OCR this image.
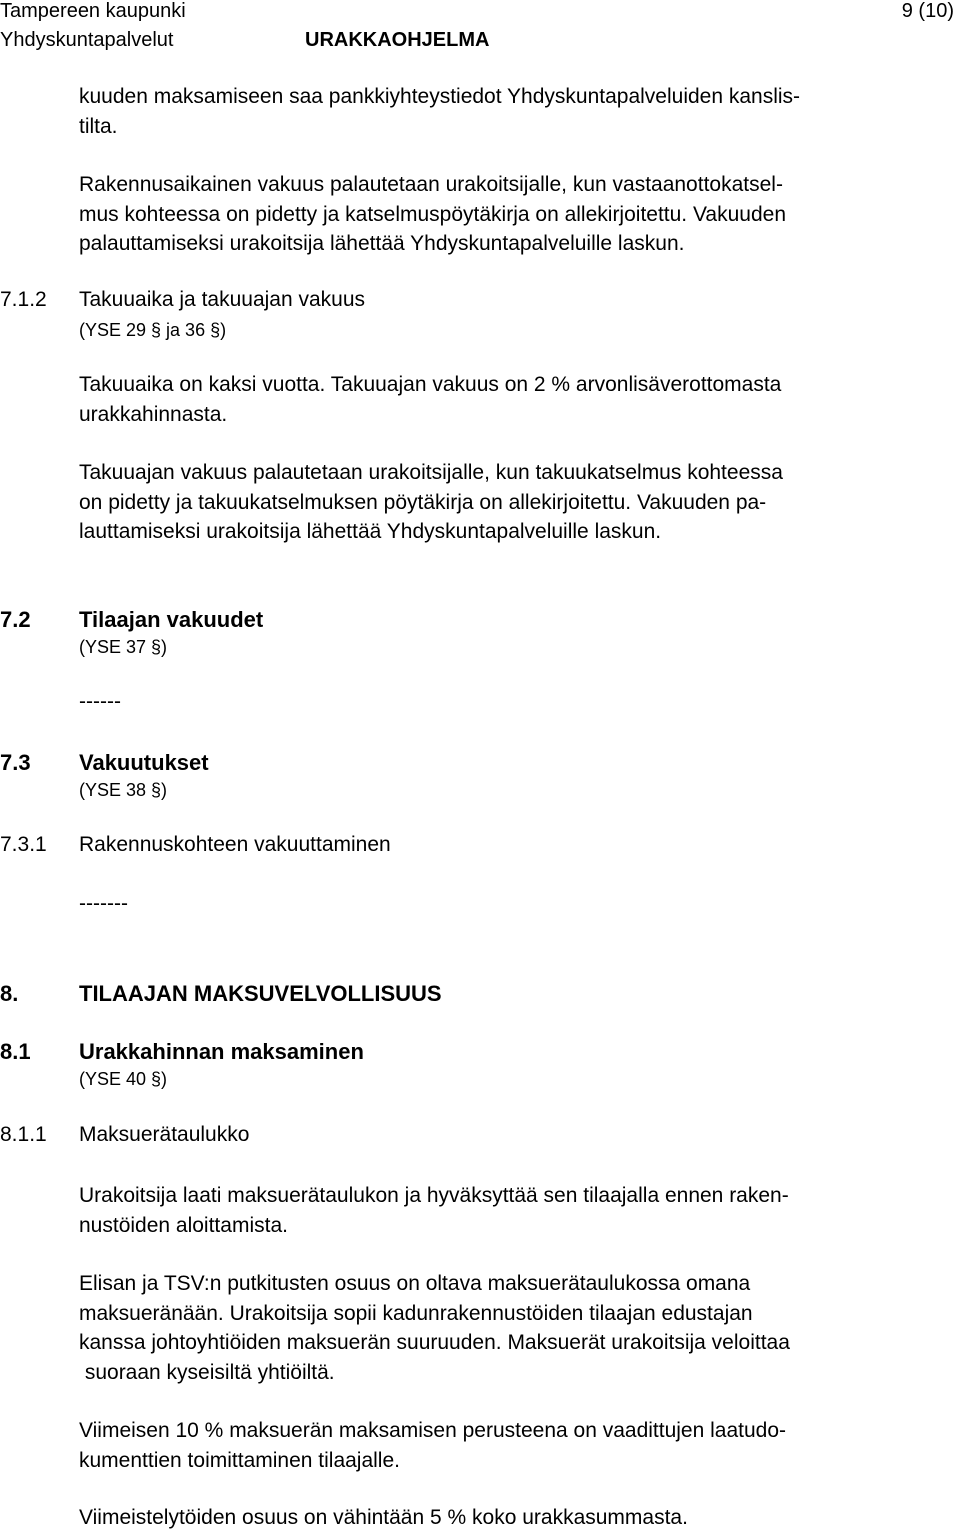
Tampereen kaupunki
Yhdyskuntapalvelut	URAKKAOHJELMA
9 (10)
kuuden maksamiseen saa pankkiyhteystiedot Yhdyskuntapalveluiden kanslis-
tilta.
Rakennusaikainen vakuus palautetaan urakoitsijalle, kun vastaanottokatsel-
mus kohteessa on pidetty ja katselmuspöytäkirja on allekirjoitettu. Vakuuden
palauttamiseksi urakoitsija lähettää Yhdyskuntapalveluille laskun.
7.1.2 Takuuaika ja takuuajan vakuus
(YSE 29 § ja 36 §)
Takuuaika on kaksi vuotta. Takuuajan vakuus on 2 % arvonlisäverottomasta
urakkahinnasta.
Takuuajan vakuus palautetaan urakoitsijalle, kun takuukatselmus kohteessa
on pidetty ja takuukatselmuksen pöytäkirja on allekirjoitettu. Vakuuden pa-
lauttamiseksi urakoitsija lähettää Yhdyskuntapalveluille laskun.
7.2 Tilaajan vakuudet
(YSE 37 §)
------
7.3 Vakuutukset
(YSE 38 §)
7.3.1 Rakennuskohteen vakuuttaminen
-------
8.	TILAAJAN MAKSUVELVOLLISUUS
8.1 Urakkahinnan maksaminen
(YSE 40 §)
8.1.1 Maksuerätaulukko
Urakoitsija laati maksuerätaulukon ja hyväksyttää sen tilaajalla ennen raken-
nustöiden aloittamista.
Elisan ja TSV:n putkitusten osuus on oltava maksuerätaulukossa omana
maksueränään. Urakoitsija sopii kadunrakennustöiden tilaajan edustajan
kanssa johtoyhtiöiden maksuerän suuruuden. Maksuerät urakoitsija veloittaa
suoraan kyseisiltä yhtiöiltä.
Viimeisen 10 % maksuerän maksamisen perusteena on vaadittujen laatudo-
kumenttien toimittaminen tilaajalle.
Viimeistelytöiden osuus on vähintään 5 % koko urakkasummasta.
